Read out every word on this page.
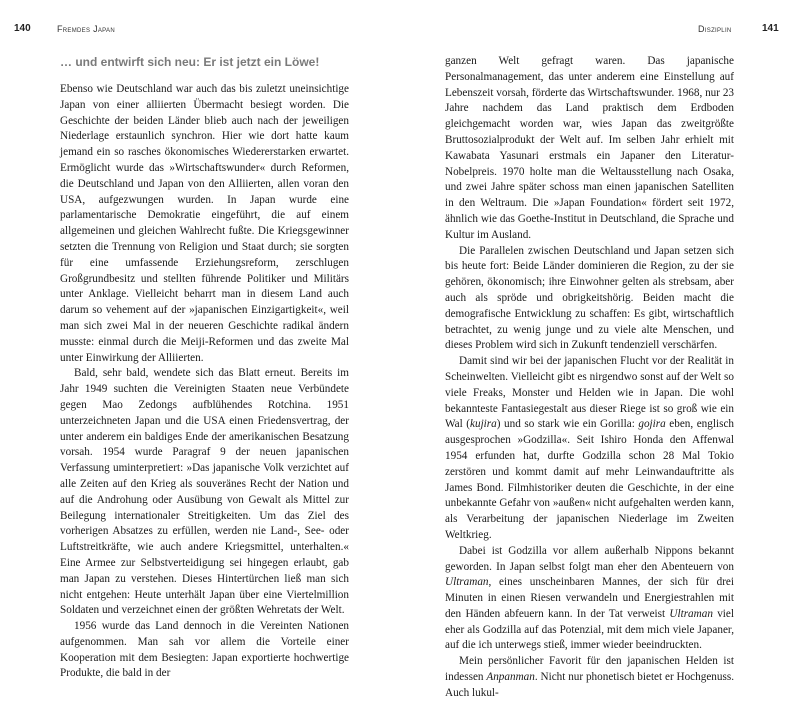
140	Fremdes Japan
… und entwirft sich neu: Er ist jetzt ein Löwe!

Ebenso wie Deutschland war auch das bis zuletzt uneinsichtige Japan von einer alliierten Übermacht besiegt worden. Die Geschichte der beiden Länder blieb auch nach der jeweiligen Niederlage erstaunlich synchron. Hier wie dort hatte kaum jemand ein so rasches ökonomisches Wiedererstarken erwartet. Ermöglicht wurde das »Wirtschaftswunder« durch Reformen, die Deutschland und Japan von den Alliierten, allen voran den USA, aufgezwungen wurden. In Japan wurde eine parlamentarische Demokratie eingeführt, die auf einem allgemeinen und gleichen Wahlrecht fußte. Die Kriegsgewinner setzten die Trennung von Religion und Staat durch; sie sorgten für eine umfassende Erziehungsreform, zerschlugen Großgrundbesitz und stellten führende Politiker und Militärs unter Anklage. Vielleicht beharrt man in diesem Land auch darum so vehement auf der »japanischen Einzigartigkeit«, weil man sich zwei Mal in der neueren Geschichte radikal ändern musste: einmal durch die Meiji-Reformen und das zweite Mal unter Einwirkung der Alliierten.

Bald, sehr bald, wendete sich das Blatt erneut. Bereits im Jahr 1949 suchten die Vereinigten Staaten neue Verbündete gegen Mao Zedongs aufblühendes Rotchina. 1951 unterzeichneten Japan und die USA einen Friedensvertrag, der unter anderem ein baldiges Ende der amerikanischen Besatzung vorsah. 1954 wurde Paragraf 9 der neuen japanischen Verfassung uminterpretiert: »Das japanische Volk verzichtet auf alle Zeiten auf den Krieg als souveränes Recht der Nation und auf die Androhung oder Ausübung von Gewalt als Mittel zur Beilegung internationaler Streitigkeiten. Um das Ziel des vorherigen Absatzes zu erfüllen, werden nie Land-, See- oder Luftstreitkräfte, wie auch andere Kriegsmittel, unterhalten.« Eine Armee zur Selbstverteidigung sei hingegen erlaubt, gab man Japan zu verstehen. Dieses Hintertürchen ließ man sich nicht entgehen: Heute unterhält Japan über eine Viertelmillion Soldaten und verzeichnet einen der größten Wehretats der Welt.

1956 wurde das Land dennoch in die Vereinten Nationen aufgenommen. Man sah vor allem die Vorteile einer Kooperation mit dem Besiegten: Japan exportierte hochwertige Produkte, die bald in der

Disziplin	141

ganzen Welt gefragt waren. Das japanische Personalmanagement, das unter anderem eine Einstellung auf Lebenszeit vorsah, förderte das Wirtschaftswunder. 1968, nur 23 Jahre nachdem das Land praktisch dem Erdboden gleichgemacht worden war, wies Japan das zweitgrößte Bruttosozialprodukt der Welt auf. Im selben Jahr erhielt mit Kawabata Yasunari erstmals ein Japaner den Literatur-Nobelpreis. 1970 holte man die Weltausstellung nach Osaka, und zwei Jahre später schoss man einen japanischen Satelliten in den Weltraum. Die »Japan Foundation« fördert seit 1972, ähnlich wie das Goethe-Institut in Deutschland, die Sprache und Kultur im Ausland.

Die Parallelen zwischen Deutschland und Japan setzen sich bis heute fort: Beide Länder dominieren die Region, zu der sie gehören, ökonomisch; ihre Einwohner gelten als strebsam, aber auch als spröde und obrigkeitshörig. Beiden macht die demografische Entwicklung zu schaffen: Es gibt, wirtschaftlich betrachtet, zu wenig junge und zu viele alte Menschen, und dieses Problem wird sich in Zukunft tendenziell verschärfen.

Damit sind wir bei der japanischen Flucht vor der Realität in Scheinwelten. Vielleicht gibt es nirgendwo sonst auf der Welt so viele Freaks, Monster und Helden wie in Japan. Die wohl bekannteste Fantasiegestalt aus dieser Riege ist so groß wie ein Wal (kujira) und so stark wie ein Gorilla: gojira eben, englisch ausgesprochen »Godzilla«. Seit Ishiro Honda den Affenwal 1954 erfunden hat, durfte Godzilla schon 28 Mal Tokio zerstören und kommt damit auf mehr Leinwandauftritte als James Bond. Filmhistoriker deuten die Geschichte, in der eine unbekannte Gefahr von »außen« nicht aufgehalten werden kann, als Verarbeitung der japanischen Niederlage im Zweiten Weltkrieg.

Dabei ist Godzilla vor allem außerhalb Nippons bekannt geworden. In Japan selbst folgt man eher den Abenteuern von Ultraman, eines unscheinbaren Mannes, der sich für drei Minuten in einen Riesen verwandeln und Energiestrahlen mit den Händen abfeuern kann. In der Tat verweist Ultraman viel eher als Godzilla auf das Potenzial, mit dem mich viele Japaner, auf die ich unterwegs stieß, immer wieder beeindruckten.

Mein persönlicher Favorit für den japanischen Helden ist indessen Anpanman. Nicht nur phonetisch bietet er Hochgenuss. Auch lukul-
